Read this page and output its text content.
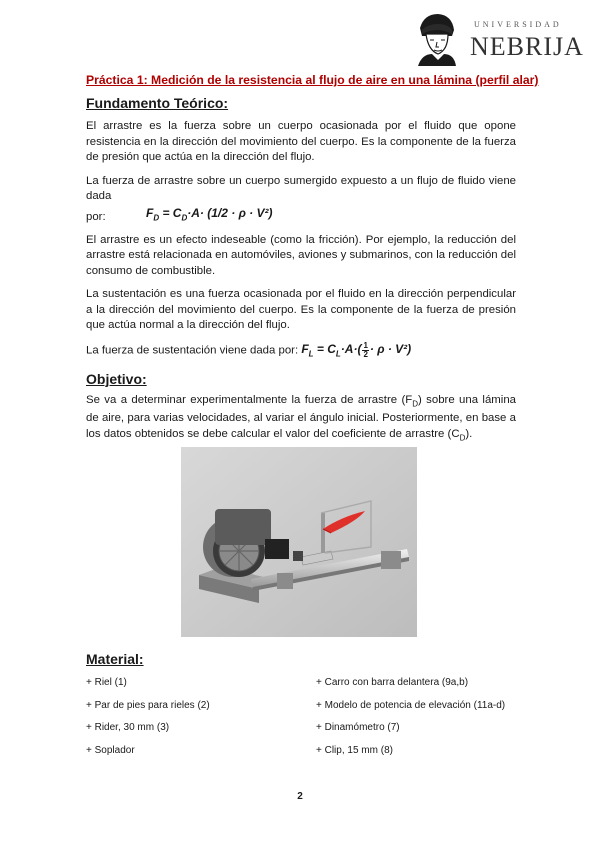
UNIVERSIDAD
NEBRIJA
Práctica 1: Medición de la resistencia al flujo de aire en una lámina (perfil alar)
Fundamento Teórico:

El arrastre es la fuerza sobre un cuerpo ocasionada por el fluido que opone resistencia en la dirección del movimiento del cuerpo. Es la componente de la fuerza de presión que actúa en la dirección del flujo.

La fuerza de arrastre sobre un cuerpo sumergido expuesto a un flujo de fluido viene dada

por:	$F_D = C_D\cdot A\cdot (1/2 \cdot \rho \cdot V^2)$

El arrastre es un efecto indeseable (como la fricción). Por ejemplo, la reducción del arrastre está relacionada en automóviles, aviones y submarinos, con la reducción del consumo de combustible.

La sustentación es una fuerza ocasionada por el fluido en la dirección perpendicular a la dirección del movimiento del cuerpo. Es la componente de la fuerza de presión que actúa normal a la dirección del flujo.

La fuerza de sustentación viene dada por: $F_L = C_L\cdot A\cdot( \frac{1}{2} \cdot \rho \cdot V^2)$
Objetivo:

Se va a determinar experimentalmente la fuerza de arrastre $(F_D)$ sobre una lámina de aire, para varias velocidades, al variar el ángulo inicial. Posteriormente, en base a los datos obtenidos se debe calcular el valor del coeficiente de arrastre $(C_D)$.

Material:
+ Riel (1)
+ Par de pies para rieles (2)
+ Rider, 30 mm (3)
+ Soplador
+ Carro con barra delantera (9a,b)
+ Modelo de potencia de elevación (11a-d)
+ Dinamómetro (7)
+ Clip, 15 mm (8)
2
